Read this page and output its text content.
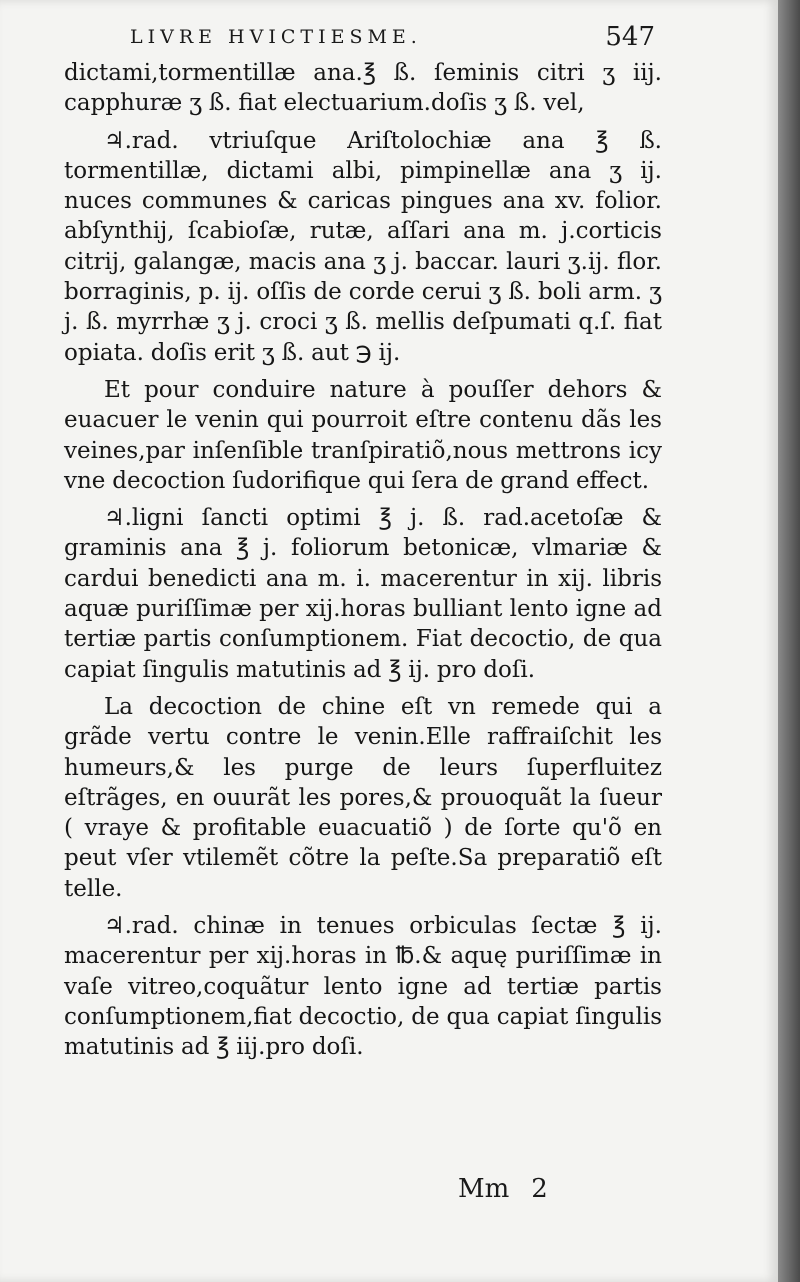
LIVRE HVICTIESME.	547

dictami,tormentillæ ana.℥ ß. ſeminis citri ʒ iij. capphuræ ʒ ß. fiat electuarium.doſis ʒ ß. vel,

♃.rad. vtriuſque Ariſtolochiæ ana ℥ ß. tormentillæ, dictami albi, pimpinellæ ana ʒ ij. nuces communes & caricas pingues ana xv. folior. abſynthij, ſcabioſæ, rutæ, aſſari ana m. j.corticis citrij, galangæ, macis ana ʒ j. baccar. lauri ʒ.ij. flor. borraginis, p. ij. oſſis de corde cerui ʒ ß. boli arm. ʒ j. ß. myrrhæ ʒ j. croci ʒ ß. mellis deſpumati q.ſ. fiat opiata. doſis erit ʒ ß. aut ℈ ij.

Et pour conduire nature à pouſſer dehors & euacuer le venin qui pourroit eſtre contenu dãs les veines,par inſenſible tranſpiratiõ,nous mettrons icy vne decoction ſudorifique qui ſera de grand effect.

♃.ligni ſancti optimi ℥ j. ß. rad.acetoſæ & graminis ana ℥ j. foliorum betonicæ, vlmariæ & cardui benedicti ana m. i. macerentur in xij. libris aquæ puriſſimæ per xij.horas bulliant lento igne ad tertiæ partis conſumptionem. Fiat decoctio, de qua capiat ſingulis matutinis ad ℥ ij. pro doſi.

La decoction de chine eſt vn remede qui a grãde vertu contre le venin.Elle raffraiſchit les humeurs,& les purge de leurs ſuperfluitez eſtrãges, en ouurãt les pores,& prouoquãt la ſueur ( vraye & profitable euacuatiõ ) de ſorte qu'õ en peut vſer vtilemẽt cõtre la peſte.Sa preparatiõ eſt telle.

♃.rad. chinæ in tenues orbiculas ſectæ ℥ ij. macerentur per xij.horas in ℔.& aquę puriſſimæ in vaſe vitreo,coquãtur lento igne ad tertiæ partis conſumptionem,fiat decoctio, de qua capiat ſingulis matutinis ad ℥ iij.pro doſi.

Mm 2
